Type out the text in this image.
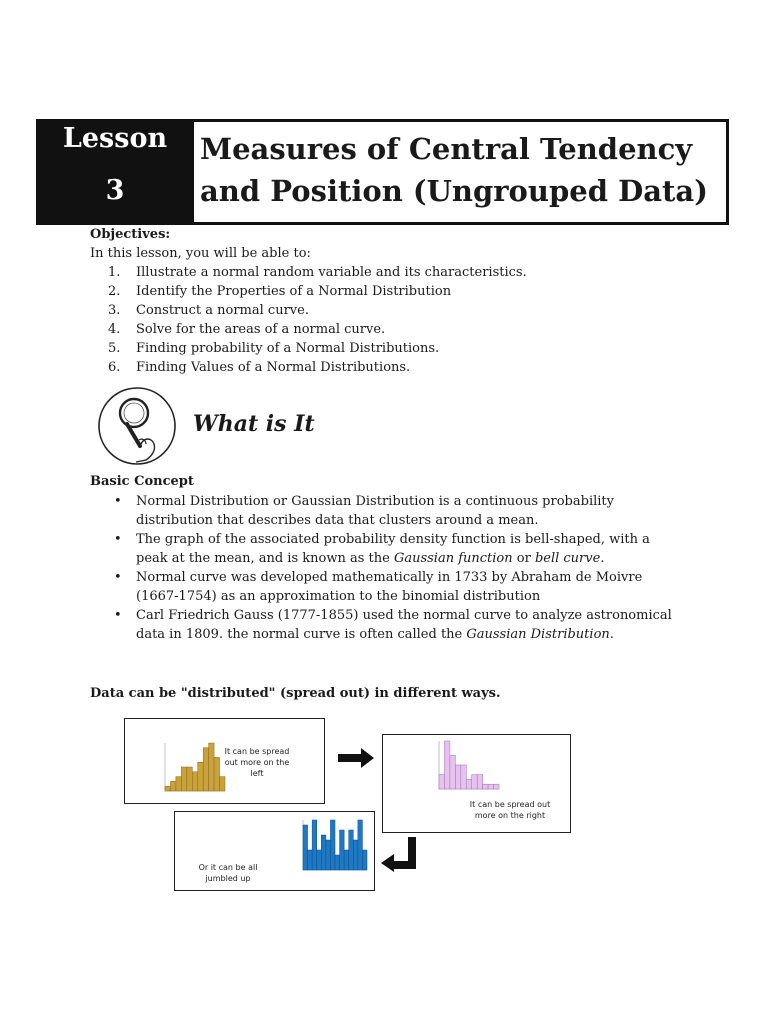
Lesson
3
Measures of Central Tendency and Position (Ungrouped Data)
Objectives:
In this lesson, you will be able to:
1.	Illustrate a normal random variable and its characteristics.
2.	Identify the Properties of a Normal Distribution
3.	Construct a normal curve.
4.	Solve for the areas of a normal curve.
5.	Finding probability of a Normal Distributions.
6.	Finding Values of a Normal Distributions.
What is It
Basic Concept
• Normal Distribution or Gaussian Distribution is a continuous probability distribution that describes data that clusters around a mean.
• The graph of the associated probability density function is bell-shaped, with a peak at the mean, and is known as the Gaussian function or bell curve.
• Normal curve was developed mathematically in 1733 by Abraham de Moivre (1667-1754) as an approximation to the binomial distribution
• Carl Friedrich Gauss (1777-1855) used the normal curve to analyze astronomical data in 1809. the normal curve is often called the Gaussian Distribution.
Data can be "distributed" (spread out) in different ways.
It can be spread out more on the left
It can be spread out more on the right
Or it can be all jumbled up
